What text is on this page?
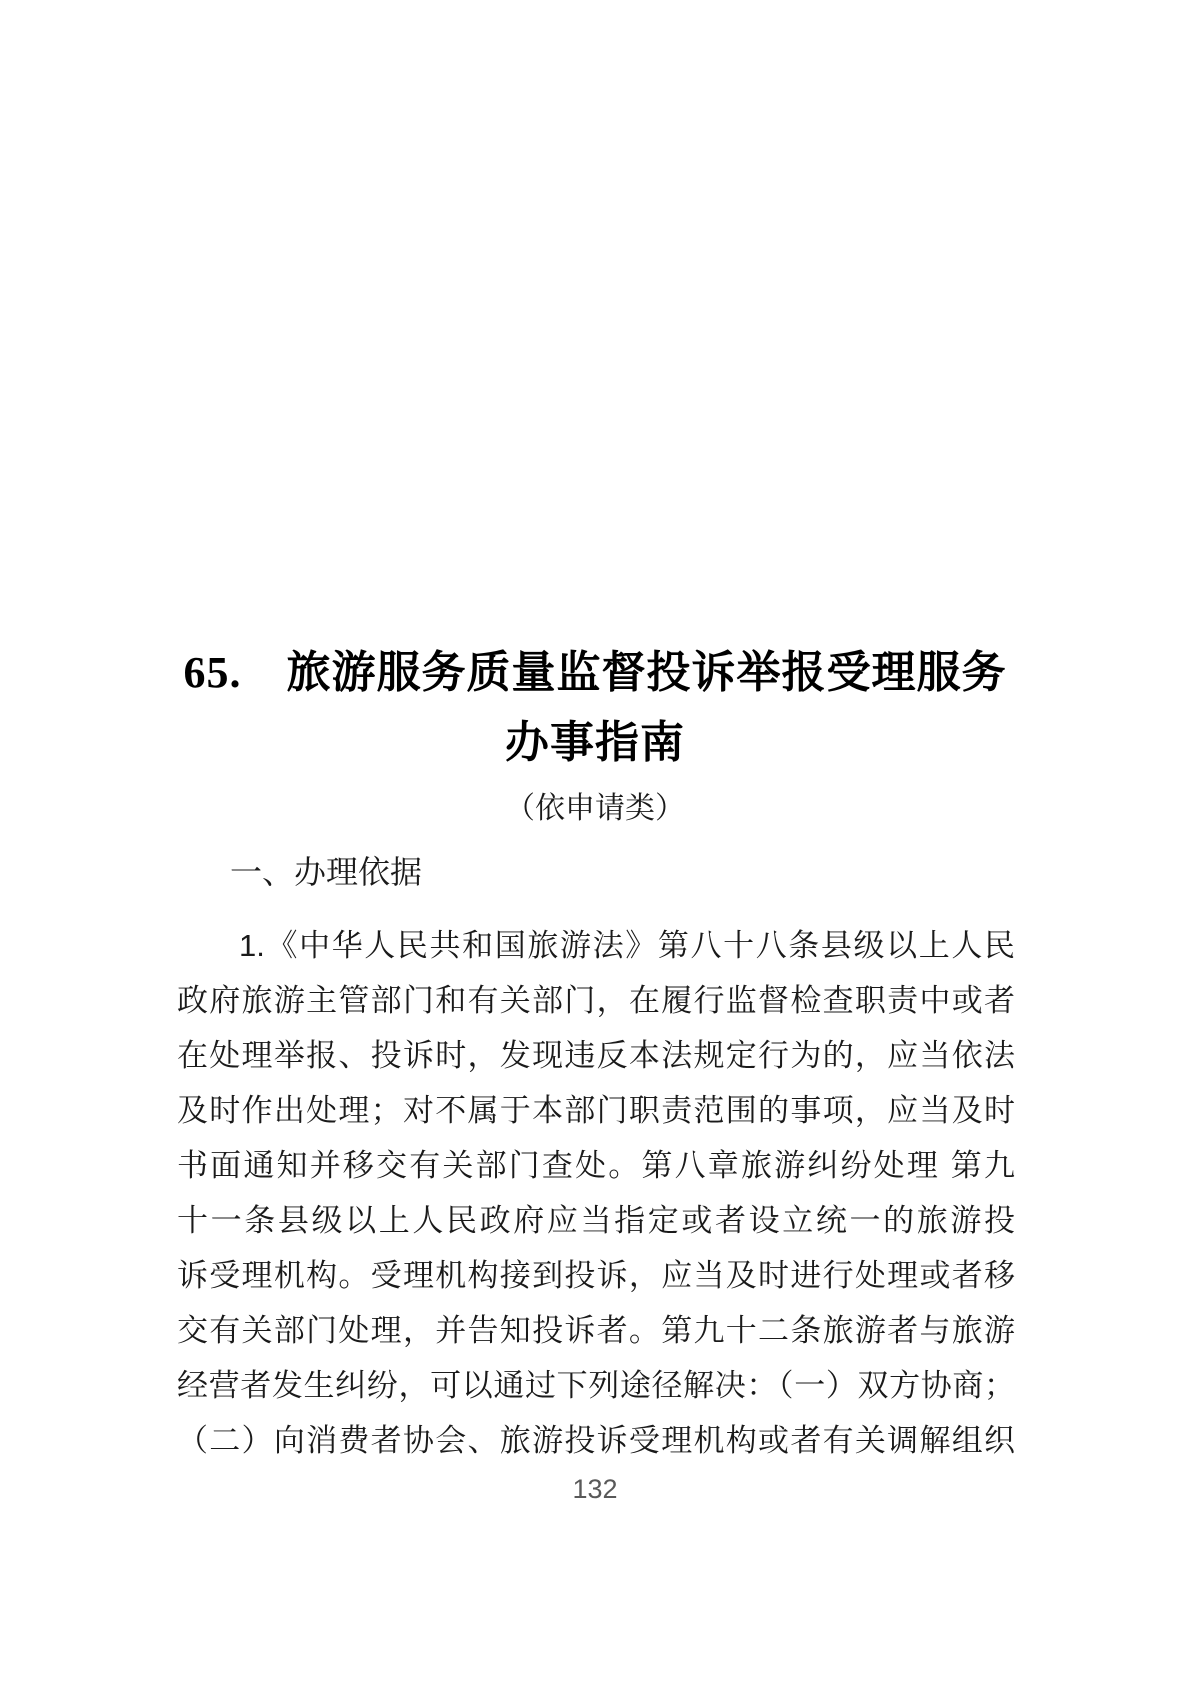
65.　旅游服务质量监督投诉举报受理服务
办事指南
（依申请类）
一、办理依据
1.《中华人民共和国旅游法》第八十八条县级以上人民
政府旅游主管部门和有关部门，在履行监督检查职责中或者
在处理举报、投诉时，发现违反本法规定行为的，应当依法
及时作出处理；对不属于本部门职责范围的事项，应当及时
书面通知并移交有关部门查处。第八章旅游纠纷处理 第九
十一条县级以上人民政府应当指定或者设立统一的旅游投
诉受理机构。受理机构接到投诉，应当及时进行处理或者移
交有关部门处理，并告知投诉者。第九十二条旅游者与旅游
经营者发生纠纷，可以通过下列途径解决：（一）双方协商；
（二）向消费者协会、旅游投诉受理机构或者有关调解组织
132
